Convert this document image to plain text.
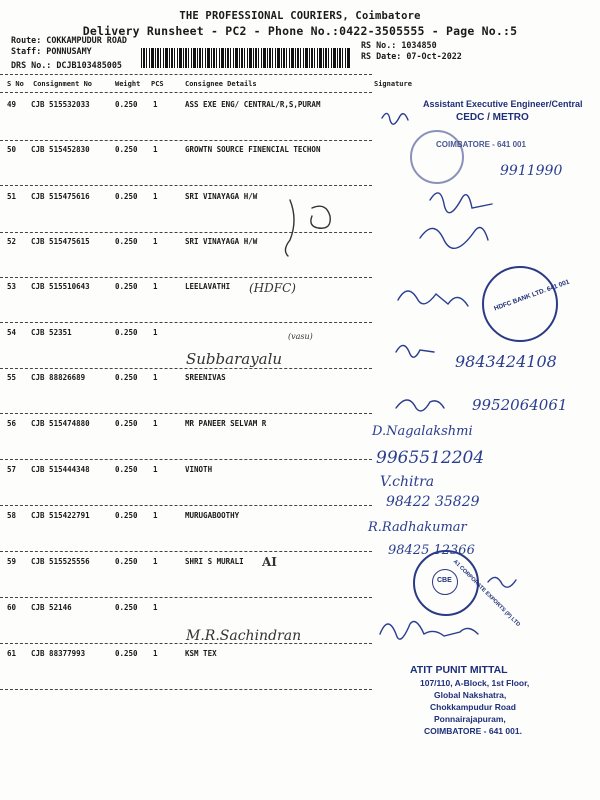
THE PROFESSIONAL COURIERS, Coimbatore
Delivery Runsheet - PC2 - Phone No.:0422-3505555 - Page No.:5
Route: COKKAMPUDUR ROAD
Staff: PONNUSAMY
DRS No.: DCJB103485005
RS No.: 1034850
RS Date: 07-Oct-2022
S No Consignment No	Weight PCS	Consignee Details	Signature
49 CJB 515532033	0.250 1	ASS EXE ENG/ CENTRAL/R,S,PURAM
50 CJB 515452830	0.250 1	GROWTN SOURCE FINENCIAL TECHON
51 CJB 515475616	0.250 1	SRI VINAYAGA H/W
52 CJB 515475615	0.250 1	SRI VINAYAGA H/W
53 CJB 515510643	0.250 1	LEELAVATHI
54 CJB 52351	0.250 1
55 CJB 88826689	0.250 1	SREENIVAS
56 CJB 515474880	0.250 1	MR PANEER SELVAM R
57 CJB 515444348	0.250 1	VINOTH
58 CJB 515422791	0.250 1	MURUGABOOTHY
59 CJB 515525556	0.250 1	SHRI S MURALI
60 CJB 52146	0.250 1
61 CJB 88377993	0.250 1	KSM TEX
(HDFC)
(vasu)
Subbarayalu
AI
M.R.Sachindran
9911990
9843424108
9952064061
D.Nagalakshmi
9965512204
V.chitra
98422 35829
R.Radhakumar
98425 12366
Assistant Executive Engineer/Central
CEDC / METRO
COIMBATORE - 641 001
HDFC BANK LTD. 641 001
CBE A1 CORPORATE EXPORTS (P) LTD
ATIT PUNIT MITTAL
107/110, A-Block, 1st Floor,
Global Nakshatra,
Chokkampudur Road
Ponnairajapuram,
COIMBATORE - 641 001.
